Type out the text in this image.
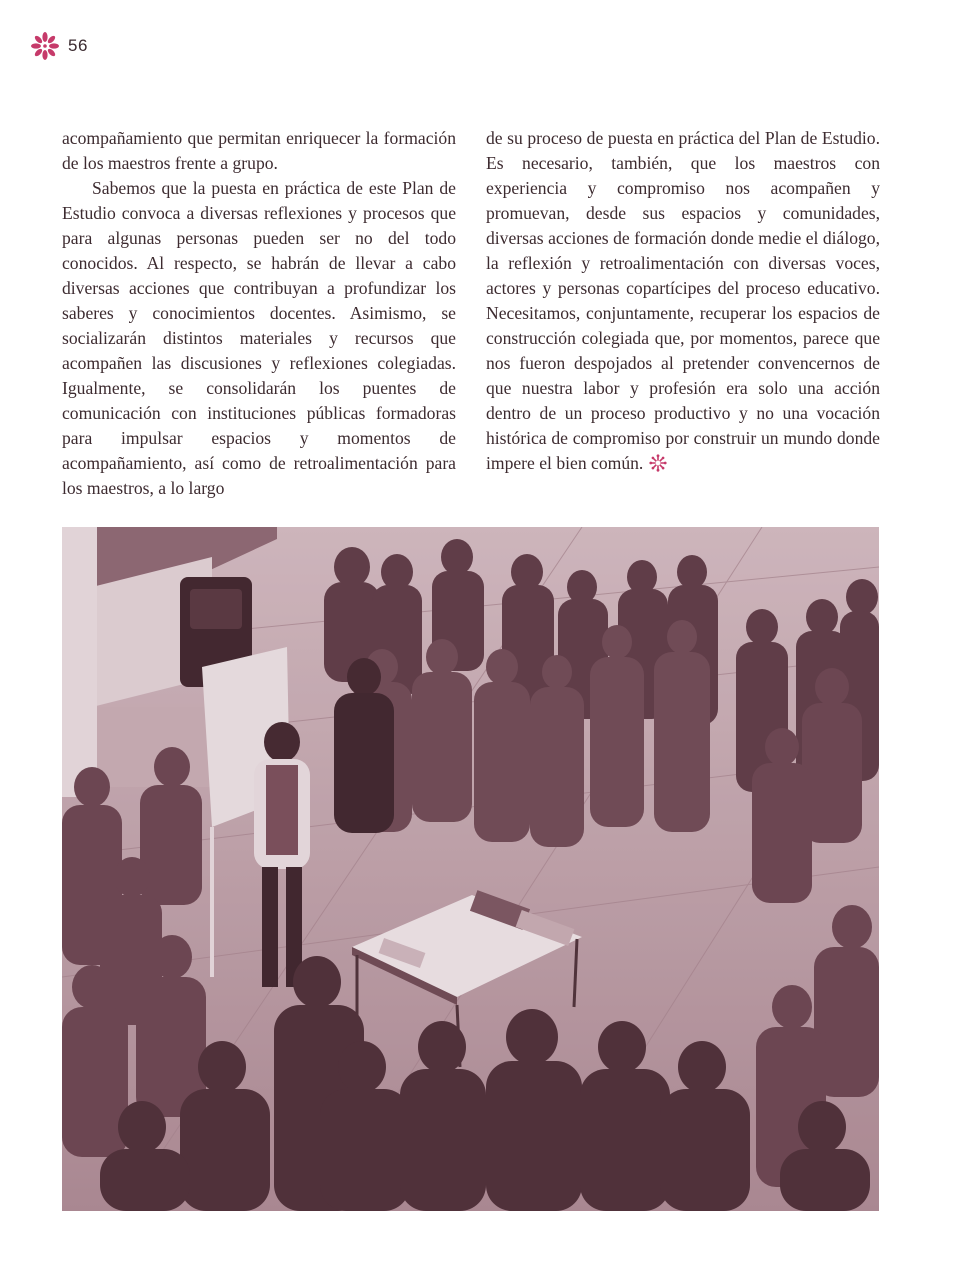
56

acompañamiento que permitan enriquecer la formación de los maestros frente a grupo.

Sabemos que la puesta en práctica de este Plan de Estudio convoca a diversas reflexiones y procesos que para algunas personas pueden ser no del todo conocidos. Al respecto, se habrán de llevar a cabo diversas acciones que contribuyan a profundizar los saberes y conocimientos docentes. Asimismo, se socializarán distintos materiales y recursos que acompañen las discusiones y reflexiones colegiadas. Igualmente, se consolidarán los puentes de comunicación con instituciones públicas formadoras para impulsar espacios y momentos de acompañamiento, así como de retroalimentación para los maestros, a lo largo

de su proceso de puesta en práctica del Plan de Estudio. Es necesario, también, que los maestros con experiencia y compromiso nos acompañen y promuevan, desde sus espacios y comunidades, diversas acciones de formación donde medie el diálogo, la reflexión y retroalimentación con diversas voces, actores y personas copartícipes del proceso educativo. Necesitamos, conjuntamente, recuperar los espacios de construcción colegiada que, por momentos, parece que nos fueron despojados al pretender convencernos de que nuestra labor y profesión era solo una acción dentro de un proceso productivo y no una vocación histórica de compromiso por construir un mundo donde impere el bien común.
